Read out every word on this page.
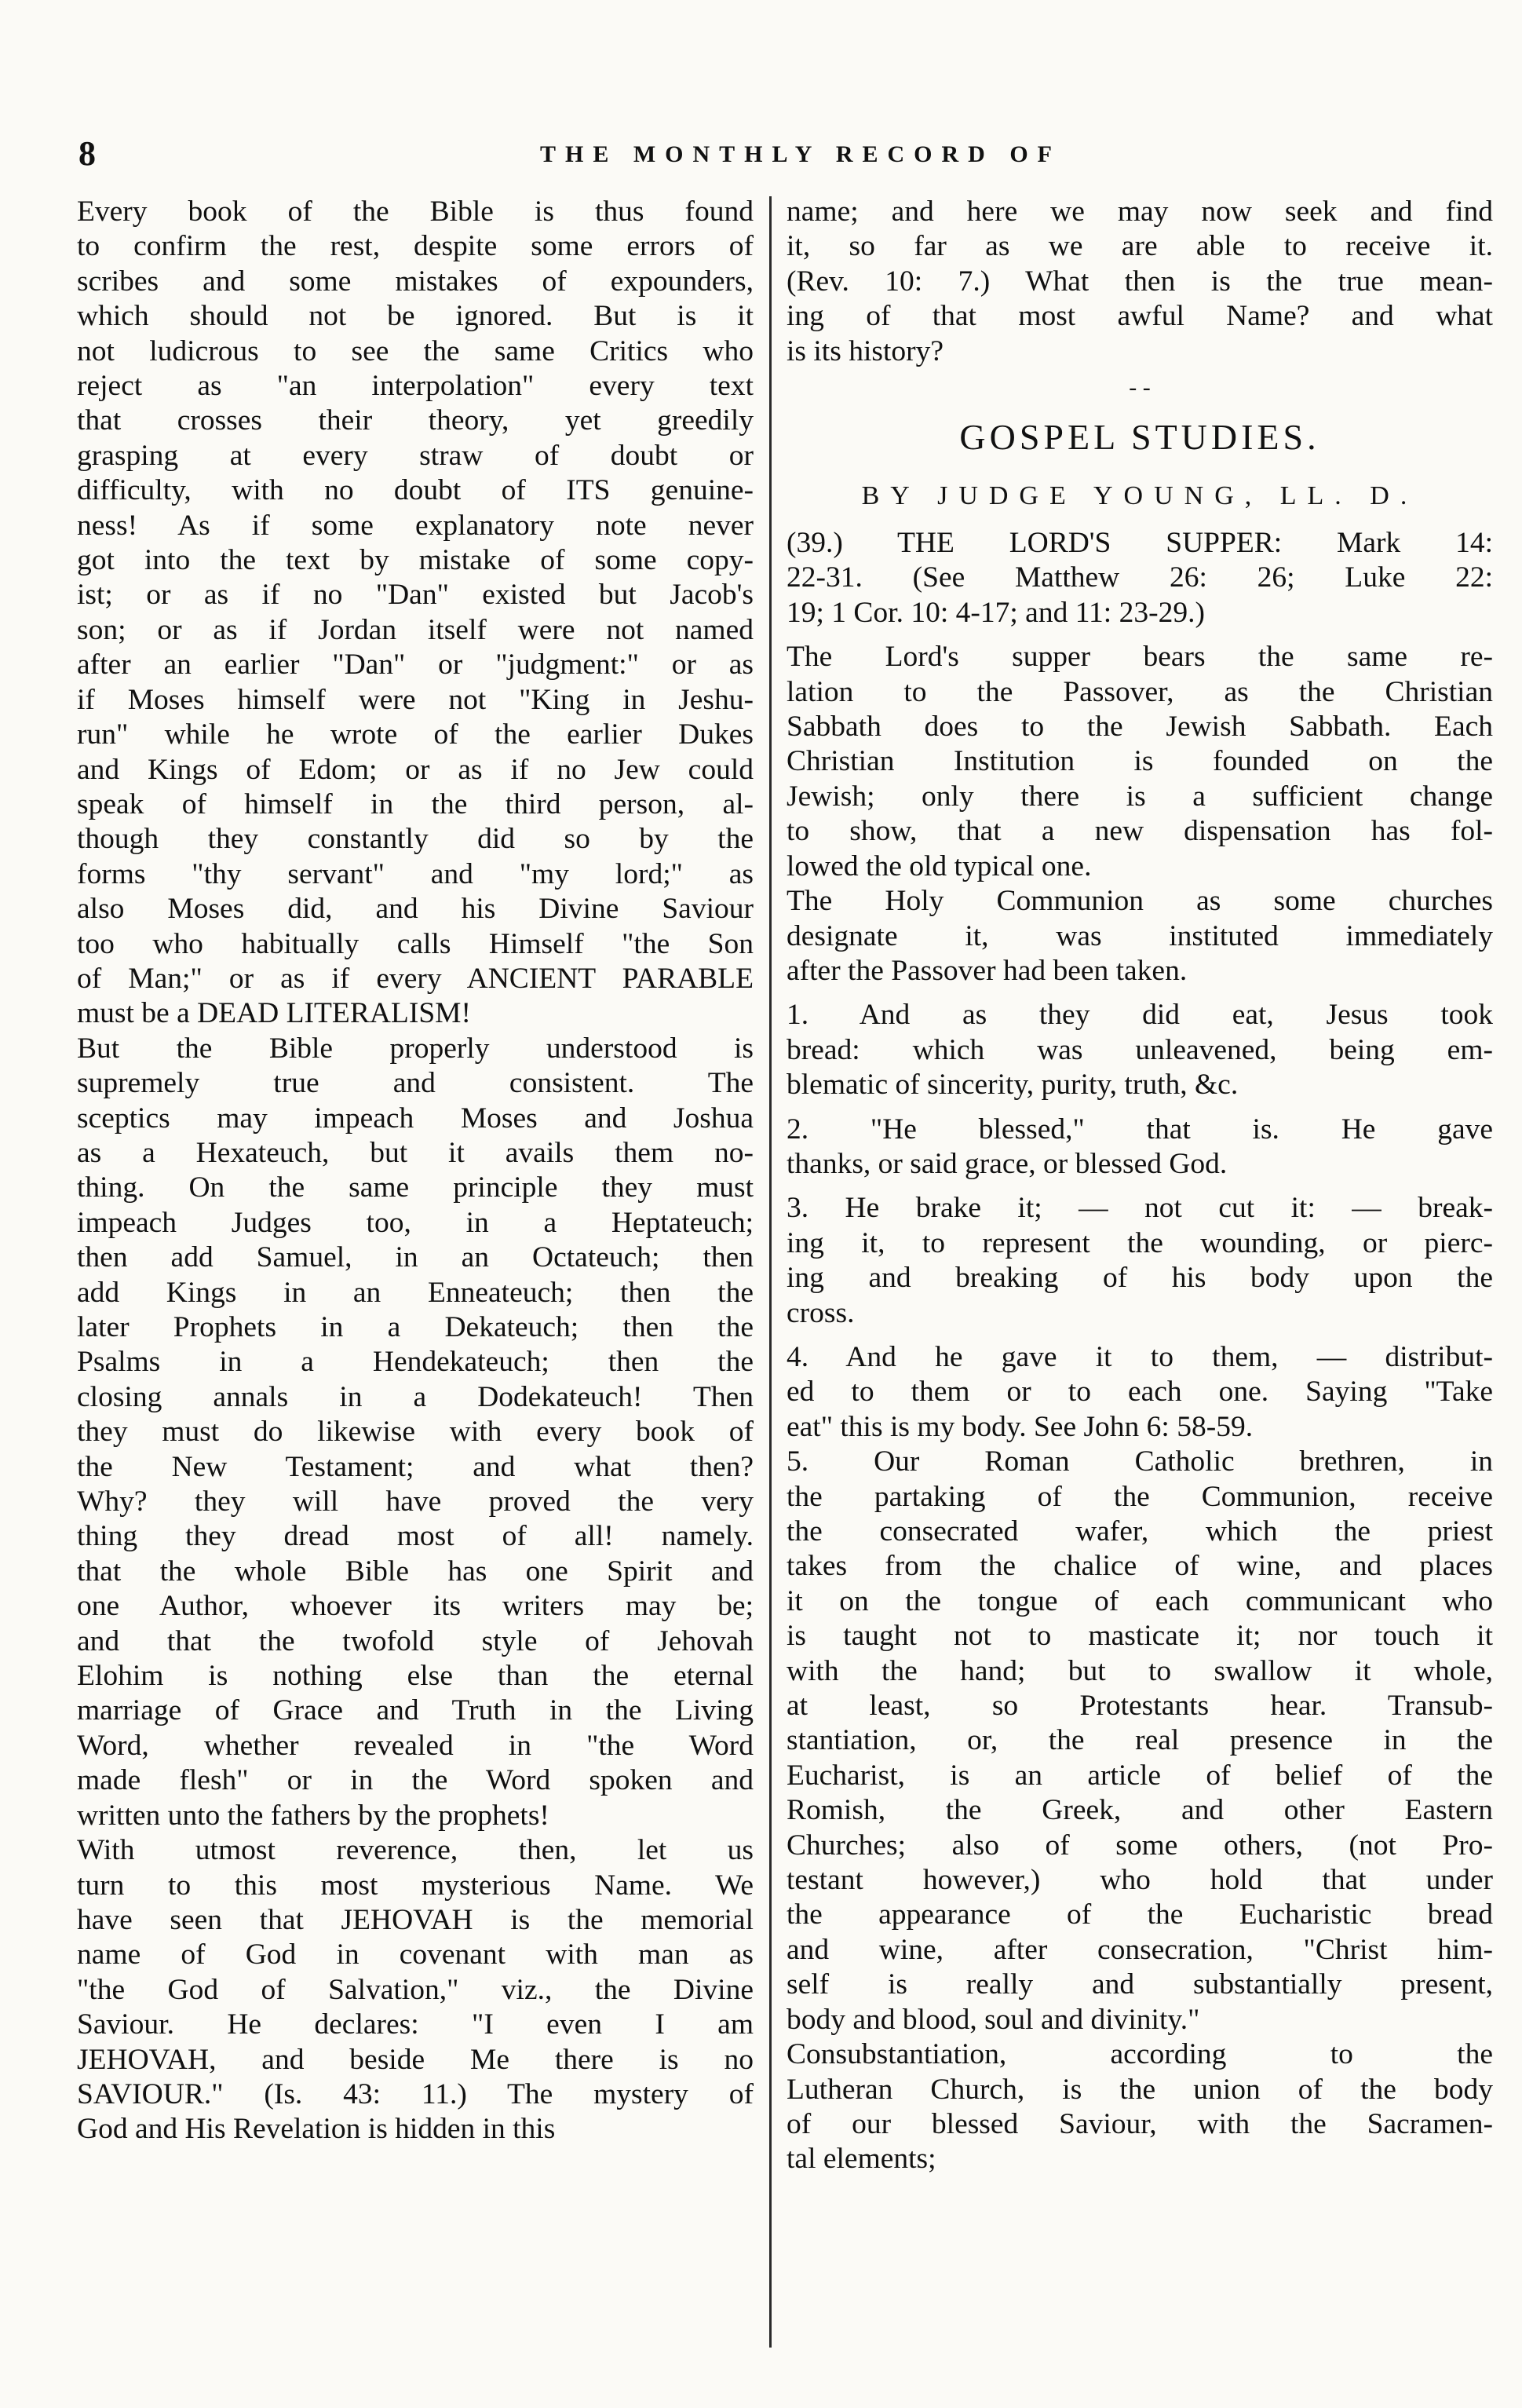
8	THE MONTHLY RECORD OF
Every book of the Bible is thus found
to confirm the rest, despite some errors of
scribes and some mistakes of expounders,
which should not be ignored. But is it
not ludicrous to see the same Critics who
reject as "an interpolation" every text
that crosses their theory, yet greedily
grasping at every straw of doubt or
difficulty, with no doubt of ITS genuine-
ness! As if some explanatory note never
got into the text by mistake of some copy-
ist; or as if no "Dan" existed but Jacob's
son; or as if Jordan itself were not named
after an earlier "Dan" or "judgment:" or as
if Moses himself were not "King in Jeshu-
run" while he wrote of the earlier Dukes
and Kings of Edom; or as if no Jew could
speak of himself in the third person, al-
though they constantly did so by the
forms "thy servant" and "my lord;" as
also Moses did, and his Divine Saviour
too who habitually calls Himself "the Son
of Man;" or as if every ANCIENT PARABLE
must be a DEAD LITERALISM!
But the Bible properly understood is
supremely true and consistent. The
sceptics may impeach Moses and Joshua
as a Hexateuch, but it avails them no-
thing. On the same principle they must
impeach Judges too, in a Heptateuch;
then add Samuel, in an Octateuch; then
add Kings in an Enneateuch; then the
later Prophets in a Dekateuch; then the
Psalms in a Hendekateuch; then the
closing annals in a Dodekateuch! Then
they must do likewise with every book of
the New Testament; and what then?
Why? they will have proved the very
thing they dread most of all! namely.
that the whole Bible has one Spirit and
one Author, whoever its writers may be;
and that the twofold style of Jehovah
Elohim is nothing else than the eternal
marriage of Grace and Truth in the Living
Word, whether revealed in "the Word
made flesh" or in the Word spoken and
written unto the fathers by the prophets!
With utmost reverence, then, let us
turn to this most mysterious Name. We
have seen that JEHOVAH is the memorial
name of God in covenant with man as
"the God of Salvation," viz., the Divine
Saviour. He declares: "I even I am
JEHOVAH, and beside Me there is no
SAVIOUR." (Is. 43: 11.) The mystery of
God and His Revelation is hidden in this
name; and here we may now seek and find
it, so far as we are able to receive it.
(Rev. 10: 7.) What then is the true mean-
ing of that most awful Name? and what
is its history?
- -
GOSPEL STUDIES.
BY JUDGE YOUNG, LL. D.
(39.) THE LORD'S SUPPER: Mark 14:
22-31. (See Matthew 26: 26; Luke 22:
19; 1 Cor. 10: 4-17; and 11: 23-29.)
The Lord's supper bears the same re-
lation to the Passover, as the Christian
Sabbath does to the Jewish Sabbath. Each
Christian Institution is founded on the
Jewish; only there is a sufficient change
to show, that a new dispensation has fol-
lowed the old typical one.
The Holy Communion as some churches
designate it, was instituted immediately
after the Passover had been taken.
1. And as they did eat, Jesus took
bread: which was unleavened, being em-
blematic of sincerity, purity, truth, &c.
2. "He blessed," that is. He gave
thanks, or said grace, or blessed God.
3. He brake it; — not cut it: — break-
ing it, to represent the wounding, or pierc-
ing and breaking of his body upon the
cross.
4. And he gave it to them, — distribut-
ed to them or to each one. Saying "Take
eat" this is my body. See John 6: 58-59.
5. Our Roman Catholic brethren, in
the partaking of the Communion, receive
the consecrated wafer, which the priest
takes from the chalice of wine, and places
it on the tongue of each communicant who
is taught not to masticate it; nor touch it
with the hand; but to swallow it whole,
at least, so Protestants hear. Transub-
stantiation, or, the real presence in the
Eucharist, is an article of belief of the
Romish, the Greek, and other Eastern
Churches; also of some others, (not Pro-
testant however,) who hold that under
the appearance of the Eucharistic bread
and wine, after consecration, "Christ him-
self is really and substantially present,
body and blood, soul and divinity."
Consubstantiation, according to the
Lutheran Church, is the union of the body
of our blessed Saviour, with the Sacramen-
tal elements;
